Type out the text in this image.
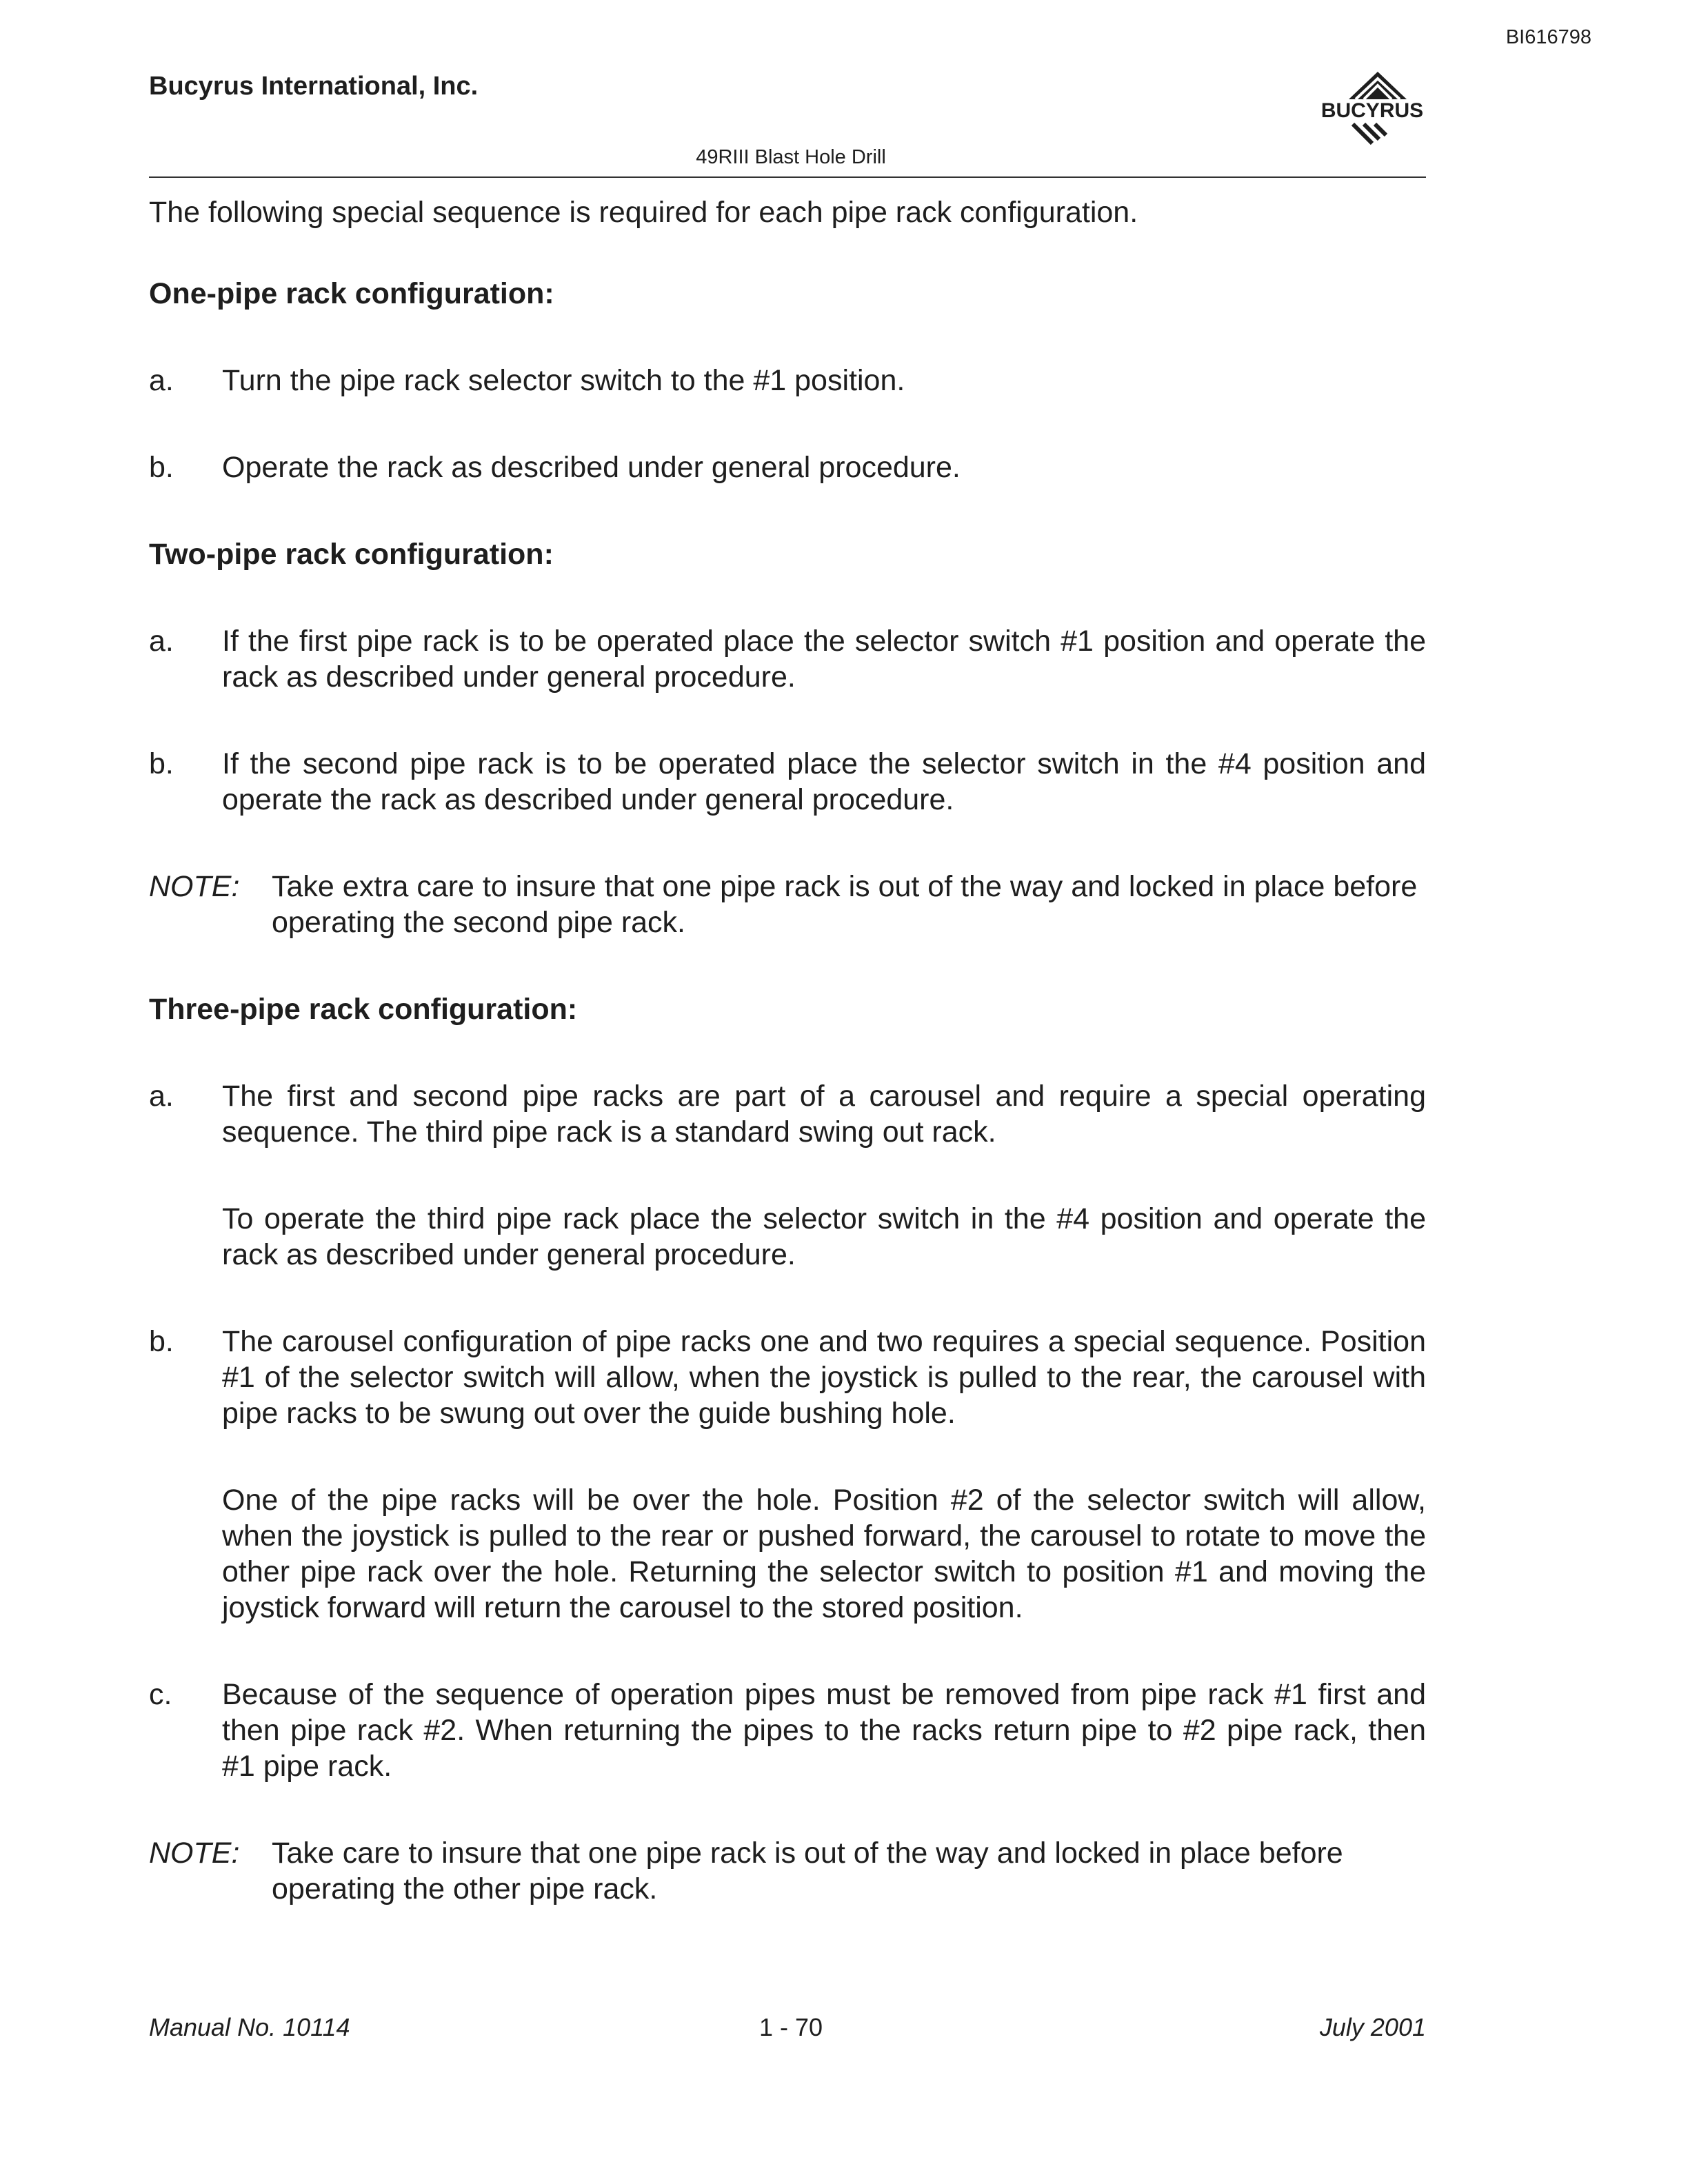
BI616798
Bucyrus International, Inc.
BUCYRUS
49RIII Blast Hole Drill
The following special sequence is required for each pipe rack configuration.
One-pipe rack configuration:
a.	Turn the pipe rack selector switch to the #1 position.

b.	Operate the rack as described under general procedure.

Two-pipe rack configuration:
a.	If the first pipe rack is to be operated place the selector switch #1 position and operate the rack as described under general procedure.

b.	If the second pipe rack is to be operated place the selector switch in the #4 position and operate the rack as described under general procedure.

NOTE:	Take extra care to insure that one pipe rack is out of the way and locked in place before operating the second pipe rack.
Three-pipe rack configuration:
a.	The first and second pipe racks are part of a carousel and require a special operating sequence. The third pipe rack is a standard swing out rack.

To operate the third pipe rack place the selector switch in the #4 position and operate the rack as described under general procedure.

b.	The carousel configuration of pipe racks one and two requires a special sequence. Position #1 of the selector switch will allow, when the joystick is pulled to the rear, the carousel with pipe racks to be swung out over the guide bushing hole.

One of the pipe racks will be over the hole. Position #2 of the selector switch will allow, when the joystick is pulled to the rear or pushed forward, the carousel to rotate to move the other pipe rack over the hole. Returning the selector switch to position #1 and moving the joystick forward will return the carousel to the stored position.

c.	Because of the sequence of operation pipes must be removed from pipe rack #1 first and then pipe rack #2. When returning the pipes to the racks return pipe to #2 pipe rack, then #1 pipe rack.

NOTE:	Take care to insure that one pipe rack is out of the way and locked in place before operating the other pipe rack.
Manual No. 10114	1 - 70	July 2001
